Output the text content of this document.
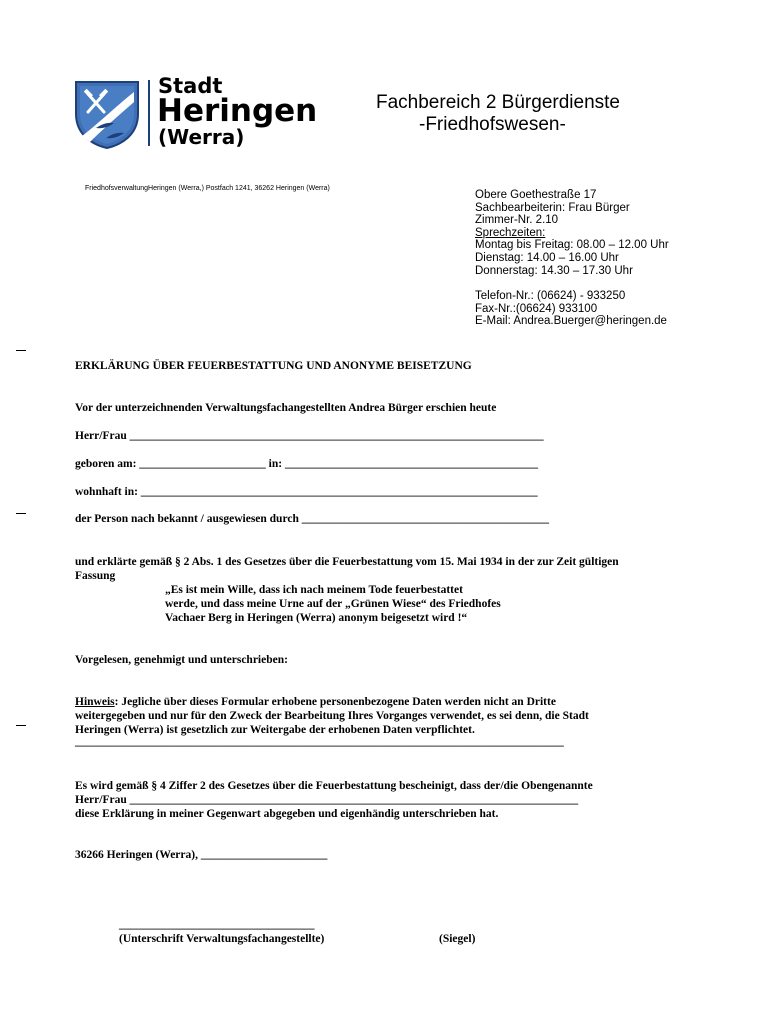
Stadt
Heringen
(Werra)
Fachbereich 2 Bürgerdienste
-Friedhofswesen-
FriedhofsverwaltungHeringen (Werra,) Postfach 1241, 36262 Heringen (Werra)
Obere Goethestraße 17
Sachbearbeiterin: Frau Bürger
Zimmer-Nr. 2.10
Sprechzeiten:
Montag bis Freitag: 08.00 – 12.00 Uhr
Dienstag: 14.00 – 16.00 Uhr
Donnerstag: 14.30 – 17.30 Uhr
Telefon-Nr.: (06624) - 933250
Fax-Nr.:(06624) 933100
E-Mail: Andrea.Buerger@heringen.de
ERKLÄRUNG ÜBER FEUERBESTATTUNG UND ANONYME BEISETZUNG
Vor der unterzeichnenden Verwaltungsfachangestellten Andrea Bürger erschien heute
Herr/Frau ________________________________________________________________________
geboren am: ______________________ in: ____________________________________________
wohnhaft in: _____________________________________________________________________
der Person nach bekannt / ausgewiesen durch ___________________________________________
und erklärte gemäß § 2 Abs. 1 des Gesetzes über die Feuerbestattung vom 15. Mai 1934 in der zur Zeit gültigen
Fassung
„Es ist mein Wille, dass ich nach meinem Tode feuerbestattet
werde, und dass meine Urne auf der „Grünen Wiese“ des Friedhofes
Vachaer Berg in Heringen (Werra) anonym beigesetzt wird !“
Vorgelesen, genehmigt und unterschrieben:
Hinweis: Jegliche über dieses Formular erhobene personenbezogene Daten werden nicht an Dritte
weitergegeben und nur für den Zweck der Bearbeitung Ihres Vorganges verwendet, es sei denn, die Stadt
Heringen (Werra) ist gesetzlich zur Weitergabe der erhobenen Daten verpflichtet.
_____________________________________________________________________________________
Es wird gemäß § 4 Ziffer 2 des Gesetzes über die Feuerbestattung bescheinigt, dass der/die Obengenannte
Herr/Frau ______________________________________________________________________________
diese Erklärung in meiner Gegenwart abgegeben und eigenhändig unterschrieben hat.
36266 Heringen (Werra), ______________________
__________________________________
(Unterschrift Verwaltungsfachangestellte)	(Siegel)
